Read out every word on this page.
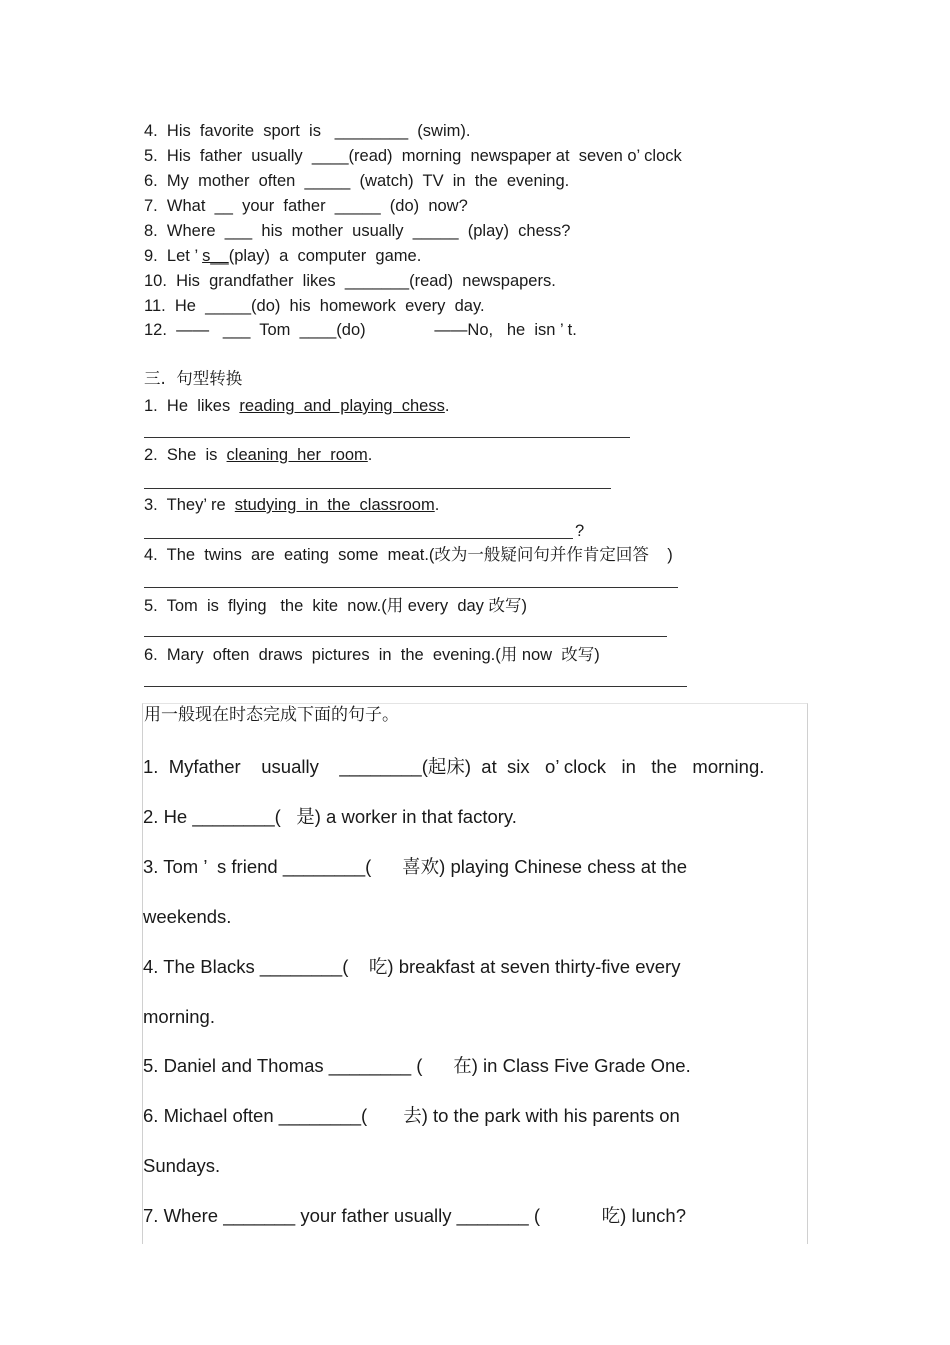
4.  His  favorite  sport  is   ________  (swim).
5.  His  father  usually  ____(read)  morning  newspaper at  seven o’ clock
6.  My  mother  often  _____  (watch)  TV  in  the  evening.
7.  What  __  your  father  _____  (do)  now?
8.  Where  ___  his  mother  usually  _____  (play)  chess?
9.  Let ’ s__(play)  a  computer  game.
10.  His  grandfather  likes  _______(read)  newspapers.
11.  He  _____(do)  his  homework  every  day.
12.  ——   ___  Tom  ____(do)               ——No,   he  isn ’ t.
三.  句型转换
1.  He  likes  reading  and  playing  chess.
2.  She  is  cleaning  her  room.
3.  They’ re  studying  in  the  classroom.
?
4.  The  twins  are  eating  some  meat.(改为一般疑问句并作肯定回答    )
5.  Tom  is  flying   the  kite  now.(用 every  day 改写)
6.  Mary  often  draws  pictures  in  the  evening.(用 now  改写)
用一般现在时态完成下面的句子。
1.  Myfather    usually    ________(起床)  at  six   o’ clock   in   the   morning.
2. He ________(   是) a worker in that factory.
3. Tom ’  s friend ________(      喜欢) playing Chinese chess at the
weekends.
4. The Blacks ________(    吃) breakfast at seven thirty-five every
morning.
5. Daniel and Thomas ________ (      在) in Class Five Grade One.
6. Michael often ________(       去) to the park with his parents on
Sundays.
7. Where _______ your father usually _______ (            吃) lunch?
